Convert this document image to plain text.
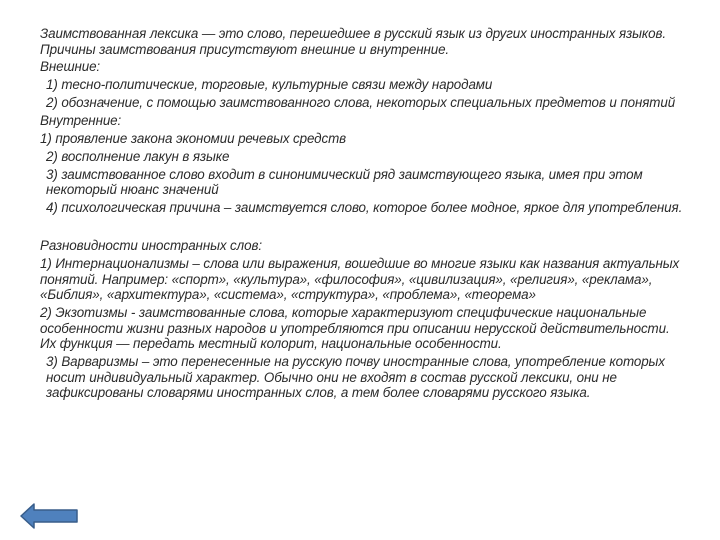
Заимствованная лексика — это слово, перешедшее в русский язык из других иностранных языков. Причины заимствования присутствуют внешние и внутренние.
Внешние:
1) тесно-политические, торговые, культурные связи между народами
2) обозначение, с помощью заимствованного слова, некоторых специальных предметов и понятий
Внутренние:
1) проявление закона экономии речевых средств
2) восполнение лакун в языке
3) заимствованное слово входит в синонимический ряд заимствующего языка, имея при этом некоторый нюанс значений
4) психологическая причина – заимствуется слово, которое более модное, яркое для употребления.
Разновидности иностранных слов:
1) Интернационализмы – слова или выражения, вошедшие во многие языки как названия актуальных понятий. Например: «спорт», «культура», «философия», «цивилизация», «религия», «реклама», «Библия», «архитектура», «система», «структура», «проблема», «теорема»
2) Экзотизмы - заимствованные слова, которые характеризуют специфические национальные особенности жизни разных народов и употребляются при описании нерусской действительности. Их функция — передать местный колорит, национальные особенности.
3) Варваризмы – это перенесенные на русскую почву иностранные слова, употребление которых носит индивидуальный характер. Обычно они не входят в состав русской лексики, они не зафиксированы словарями иностранных слов, а тем более словарями русского языка.
